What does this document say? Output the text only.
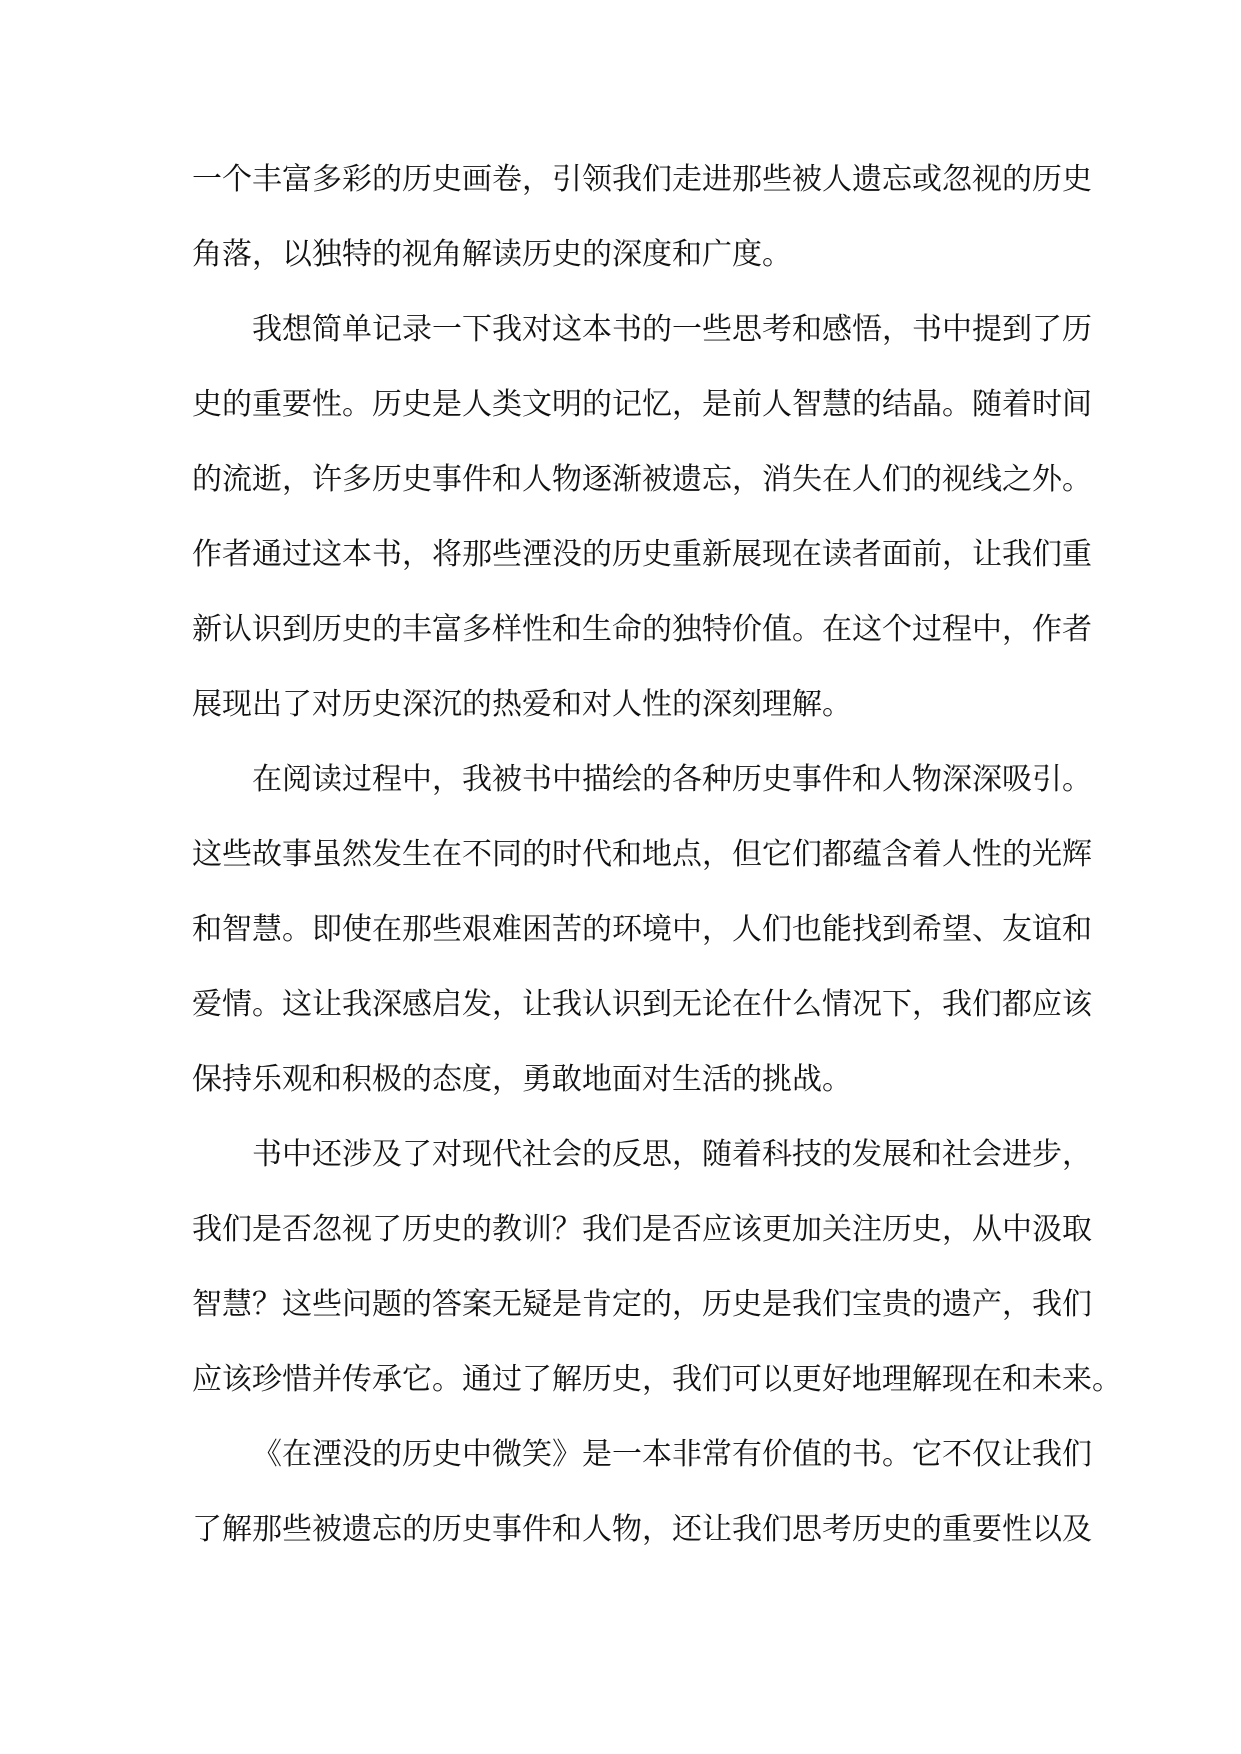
一个丰富多彩的历史画卷，引领我们走进那些被人遗忘或忽视的历史
角落，以独特的视角解读历史的深度和广度。
我想简单记录一下我对这本书的一些思考和感悟，书中提到了历
史的重要性。历史是人类文明的记忆，是前人智慧的结晶。随着时间
的流逝，许多历史事件和人物逐渐被遗忘，消失在人们的视线之外。
作者通过这本书，将那些湮没的历史重新展现在读者面前，让我们重
新认识到历史的丰富多样性和生命的独特价值。在这个过程中，作者
展现出了对历史深沉的热爱和对人性的深刻理解。
在阅读过程中，我被书中描绘的各种历史事件和人物深深吸引。
这些故事虽然发生在不同的时代和地点，但它们都蕴含着人性的光辉
和智慧。即使在那些艰难困苦的环境中，人们也能找到希望、友谊和
爱情。这让我深感启发，让我认识到无论在什么情况下，我们都应该
保持乐观和积极的态度，勇敢地面对生活的挑战。
书中还涉及了对现代社会的反思，随着科技的发展和社会进步，
我们是否忽视了历史的教训？我们是否应该更加关注历史，从中汲取
智慧？这些问题的答案无疑是肯定的，历史是我们宝贵的遗产，我们
应该珍惜并传承它。通过了解历史，我们可以更好地理解现在和未来。
《在湮没的历史中微笑》是一本非常有价值的书。它不仅让我们
了解那些被遗忘的历史事件和人物，还让我们思考历史的重要性以及
